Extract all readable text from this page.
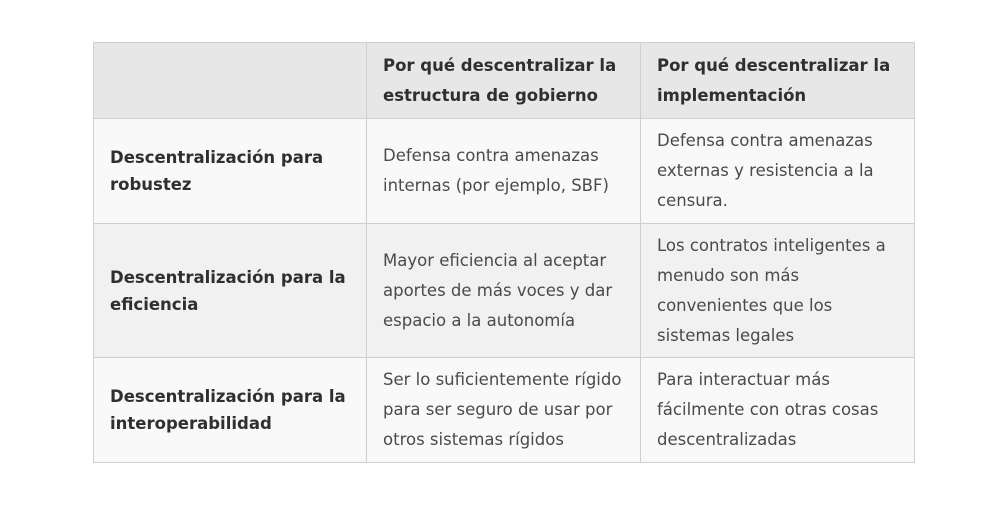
	Por qué descentralizar la estructura de gobierno	Por qué descentralizar la implementación
Descentralización para robustez	Defensa contra amenazas internas (por ejemplo, SBF)	Defensa contra amenazas externas y resistencia a la censura.
Descentralización para la eficiencia	Mayor eficiencia al aceptar aportes de más voces y dar espacio a la autonomía	Los contratos inteligentes a menudo son más convenientes que los sistemas legales
Descentralización para la interoperabilidad	Ser lo suficientemente rígido para ser seguro de usar por otros sistemas rígidos	Para interactuar más fácilmente con otras cosas descentralizadas
